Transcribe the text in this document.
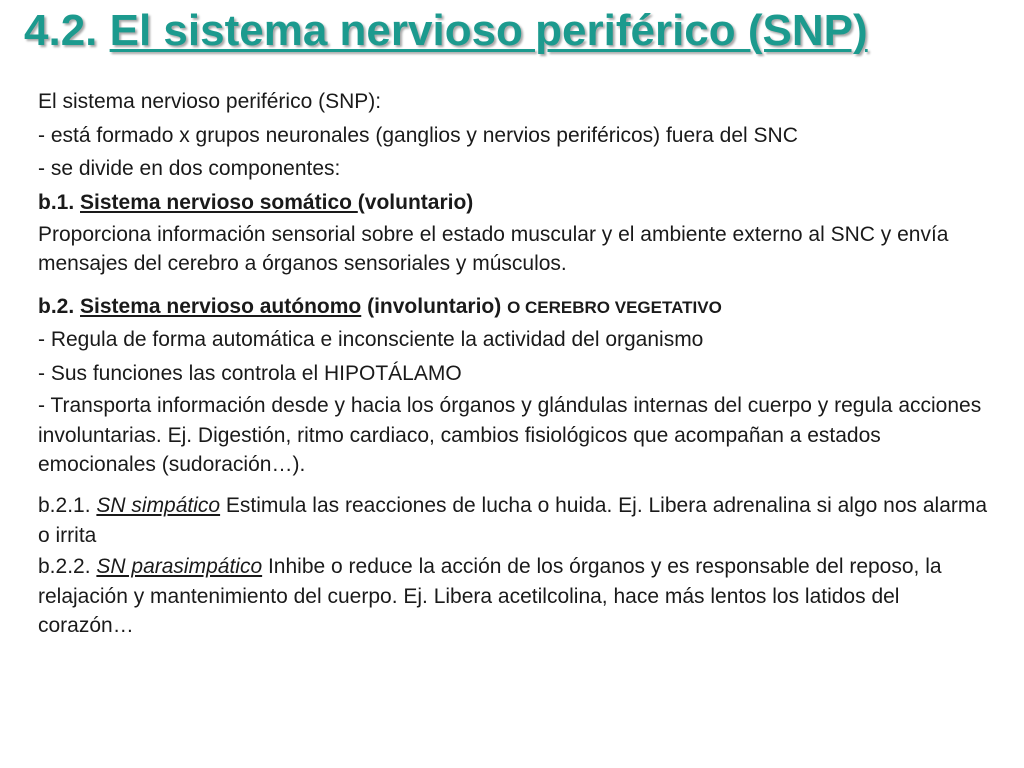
4.2. El sistema nervioso periférico (SNP)

El sistema nervioso periférico (SNP):

- está formado x grupos neuronales (ganglios y nervios periféricos) fuera del SNC

- se divide en dos componentes:

b.1. Sistema nervioso somático (voluntario)

Proporciona información sensorial sobre el estado muscular y el ambiente externo al SNC y envía mensajes del cerebro a órganos sensoriales y músculos.

b.2. Sistema nervioso autónomo (involuntario) O CEREBRO VEGETATIVO

- Regula de forma automática e inconsciente la actividad del organismo

- Sus funciones las controla el HIPOTÁLAMO

- Transporta información desde y hacia los órganos y glándulas internas del cuerpo y regula acciones involuntarias. Ej. Digestión, ritmo cardiaco, cambios fisiológicos que acompañan a estados emocionales (sudoración…).

b.2.1. SN simpático Estimula las reacciones de lucha o huida. Ej. Libera adrenalina si algo nos alarma o irrita

b.2.2. SN parasimpático Inhibe o reduce la acción de los órganos y es responsable del reposo, la relajación y mantenimiento del cuerpo. Ej. Libera acetilcolina, hace más lentos los latidos del corazón…
